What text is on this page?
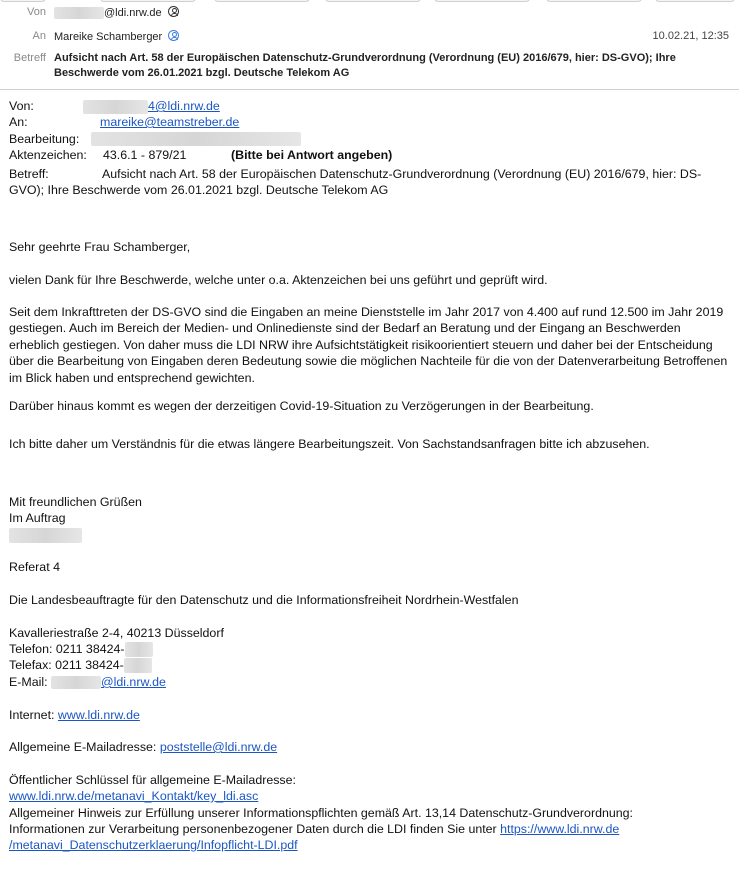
Von	@ldi.nrw.de
An Mareike Schamberger	10.02.21, 12:35
Betreff Aufsicht nach Art. 58 der Europäischen Datenschutz-Grundverordnung (Verordnung (EU) 2016/679, hier: DS-GVO); Ihre Beschwerde vom 26.01.2021 bzgl. Deutsche Telekom AG
Von:	4@ldi.nrw.de
An:	mareike@teamstreber.de
Bearbeitung:
Aktenzeichen: 43.6.1 - 879/21	(Bitte bei Antwort angeben)
Betreff:	Aufsicht nach Art. 58 der Europäischen Datenschutz-Grundverordnung (Verordnung (EU) 2016/679, hier: DS-GVO); Ihre Beschwerde vom 26.01.2021 bzgl. Deutsche Telekom AG

Sehr geehrte Frau Schamberger,

vielen Dank für Ihre Beschwerde, welche unter o.a. Aktenzeichen bei uns geführt und geprüft wird.

Seit dem Inkrafttreten der DS-GVO sind die Eingaben an meine Dienststelle im Jahr 2017 von 4.400 auf rund 12.500 im Jahr 2019 gestiegen. Auch im Bereich der Medien- und Onlinedienste sind der Bedarf an Beratung und der Eingang an Beschwerden erheblich gestiegen. Von daher muss die LDI NRW ihre Aufsichtstätigkeit risikoorientiert steuern und daher bei der Entscheidung über die Bearbeitung von Eingaben deren Bedeutung sowie die möglichen Nachteile für die von der Datenverarbeitung Betroffenen im Blick haben und entsprechend gewichten.

Darüber hinaus kommt es wegen der derzeitigen Covid-19-Situation zu Verzögerungen in der Bearbeitung.

Ich bitte daher um Verständnis für die etwas längere Bearbeitungszeit. Von Sachstandsanfragen bitte ich abzusehen.

Mit freundlichen Grüßen

Im Auftrag

Referat 4

Die Landesbeauftragte für den Datenschutz und die Informationsfreiheit Nordrhein-Westfalen

Kavalleriestraße 2-4, 40213 Düsseldorf

Telefon: 0211 38424-
Telefax: 0211 38424-
E-Mail:	@ldi.nrw.de
Internet: www.ldi.nrw.de
Allgemeine E-Mailadresse: poststelle@ldi.nrw.de

Öffentlicher Schlüssel für allgemeine E-Mailadresse:

www.ldi.nrw.de/metanavi_Kontakt/key_ldi.asc

Allgemeiner Hinweis zur Erfüllung unserer Informationspflichten gemäß Art. 13,14 Datenschutz-Grundverordnung:

Informationen zur Verarbeitung personenbezogener Daten durch die LDI finden Sie unter https://www.ldi.nrw.de
/metanavi_Datenschutzerklaerung/Infopflicht-LDI.pdf
